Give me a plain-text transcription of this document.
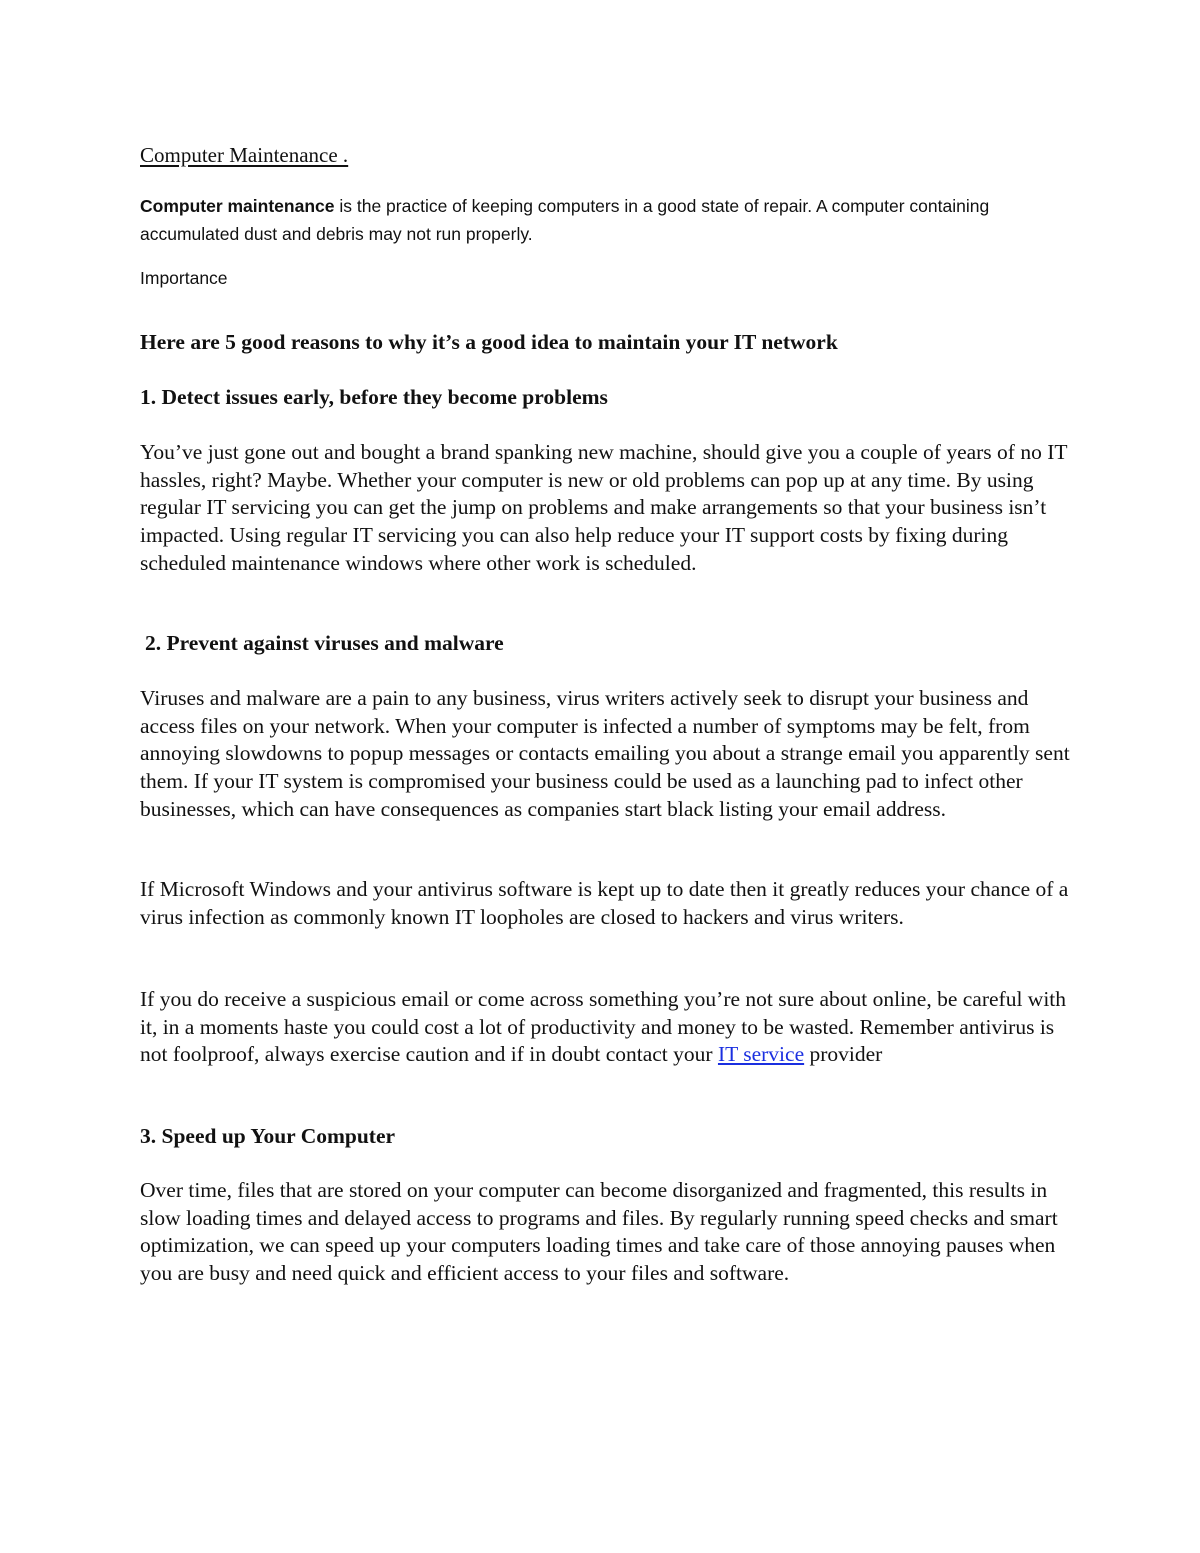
Computer Maintenance .

Computer maintenance is the practice of keeping computers in a good state of repair. A computer containing accumulated dust and debris may not run properly.

Importance
Here are 5 good reasons to why it’s a good idea to maintain your IT network
1. Detect issues early, before they become problems

You’ve just gone out and bought a brand spanking new machine, should give you a couple of years of no IT hassles, right? Maybe. Whether your computer is new or old problems can pop up at any time. By using regular IT servicing you can get the jump on problems and make arrangements so that your business isn’t impacted. Using regular IT servicing you can also help reduce your IT support costs by fixing during scheduled maintenance windows where other work is scheduled.

2. Prevent against viruses and malware

Viruses and malware are a pain to any business, virus writers actively seek to disrupt your business and access files on your network. When your computer is infected a number of symptoms may be felt, from annoying slowdowns to popup messages or contacts emailing you about a strange email you apparently sent them. If your IT system is compromised your business could be used as a launching pad to infect other businesses, which can have consequences as companies start black listing your email address.

If Microsoft Windows and your antivirus software is kept up to date then it greatly reduces your chance of a virus infection as commonly known IT loopholes are closed to hackers and virus writers.

If you do receive a suspicious email or come across something you’re not sure about online, be careful with it, in a moments haste you could cost a lot of productivity and money to be wasted. Remember antivirus is not foolproof, always exercise caution and if in doubt contact your IT service provider

3. Speed up Your Computer

Over time, files that are stored on your computer can become disorganized and fragmented, this results in slow loading times and delayed access to programs and files. By regularly running speed checks and smart optimization, we can speed up your computers loading times and take care of those annoying pauses when you are busy and need quick and efficient access to your files and software.
